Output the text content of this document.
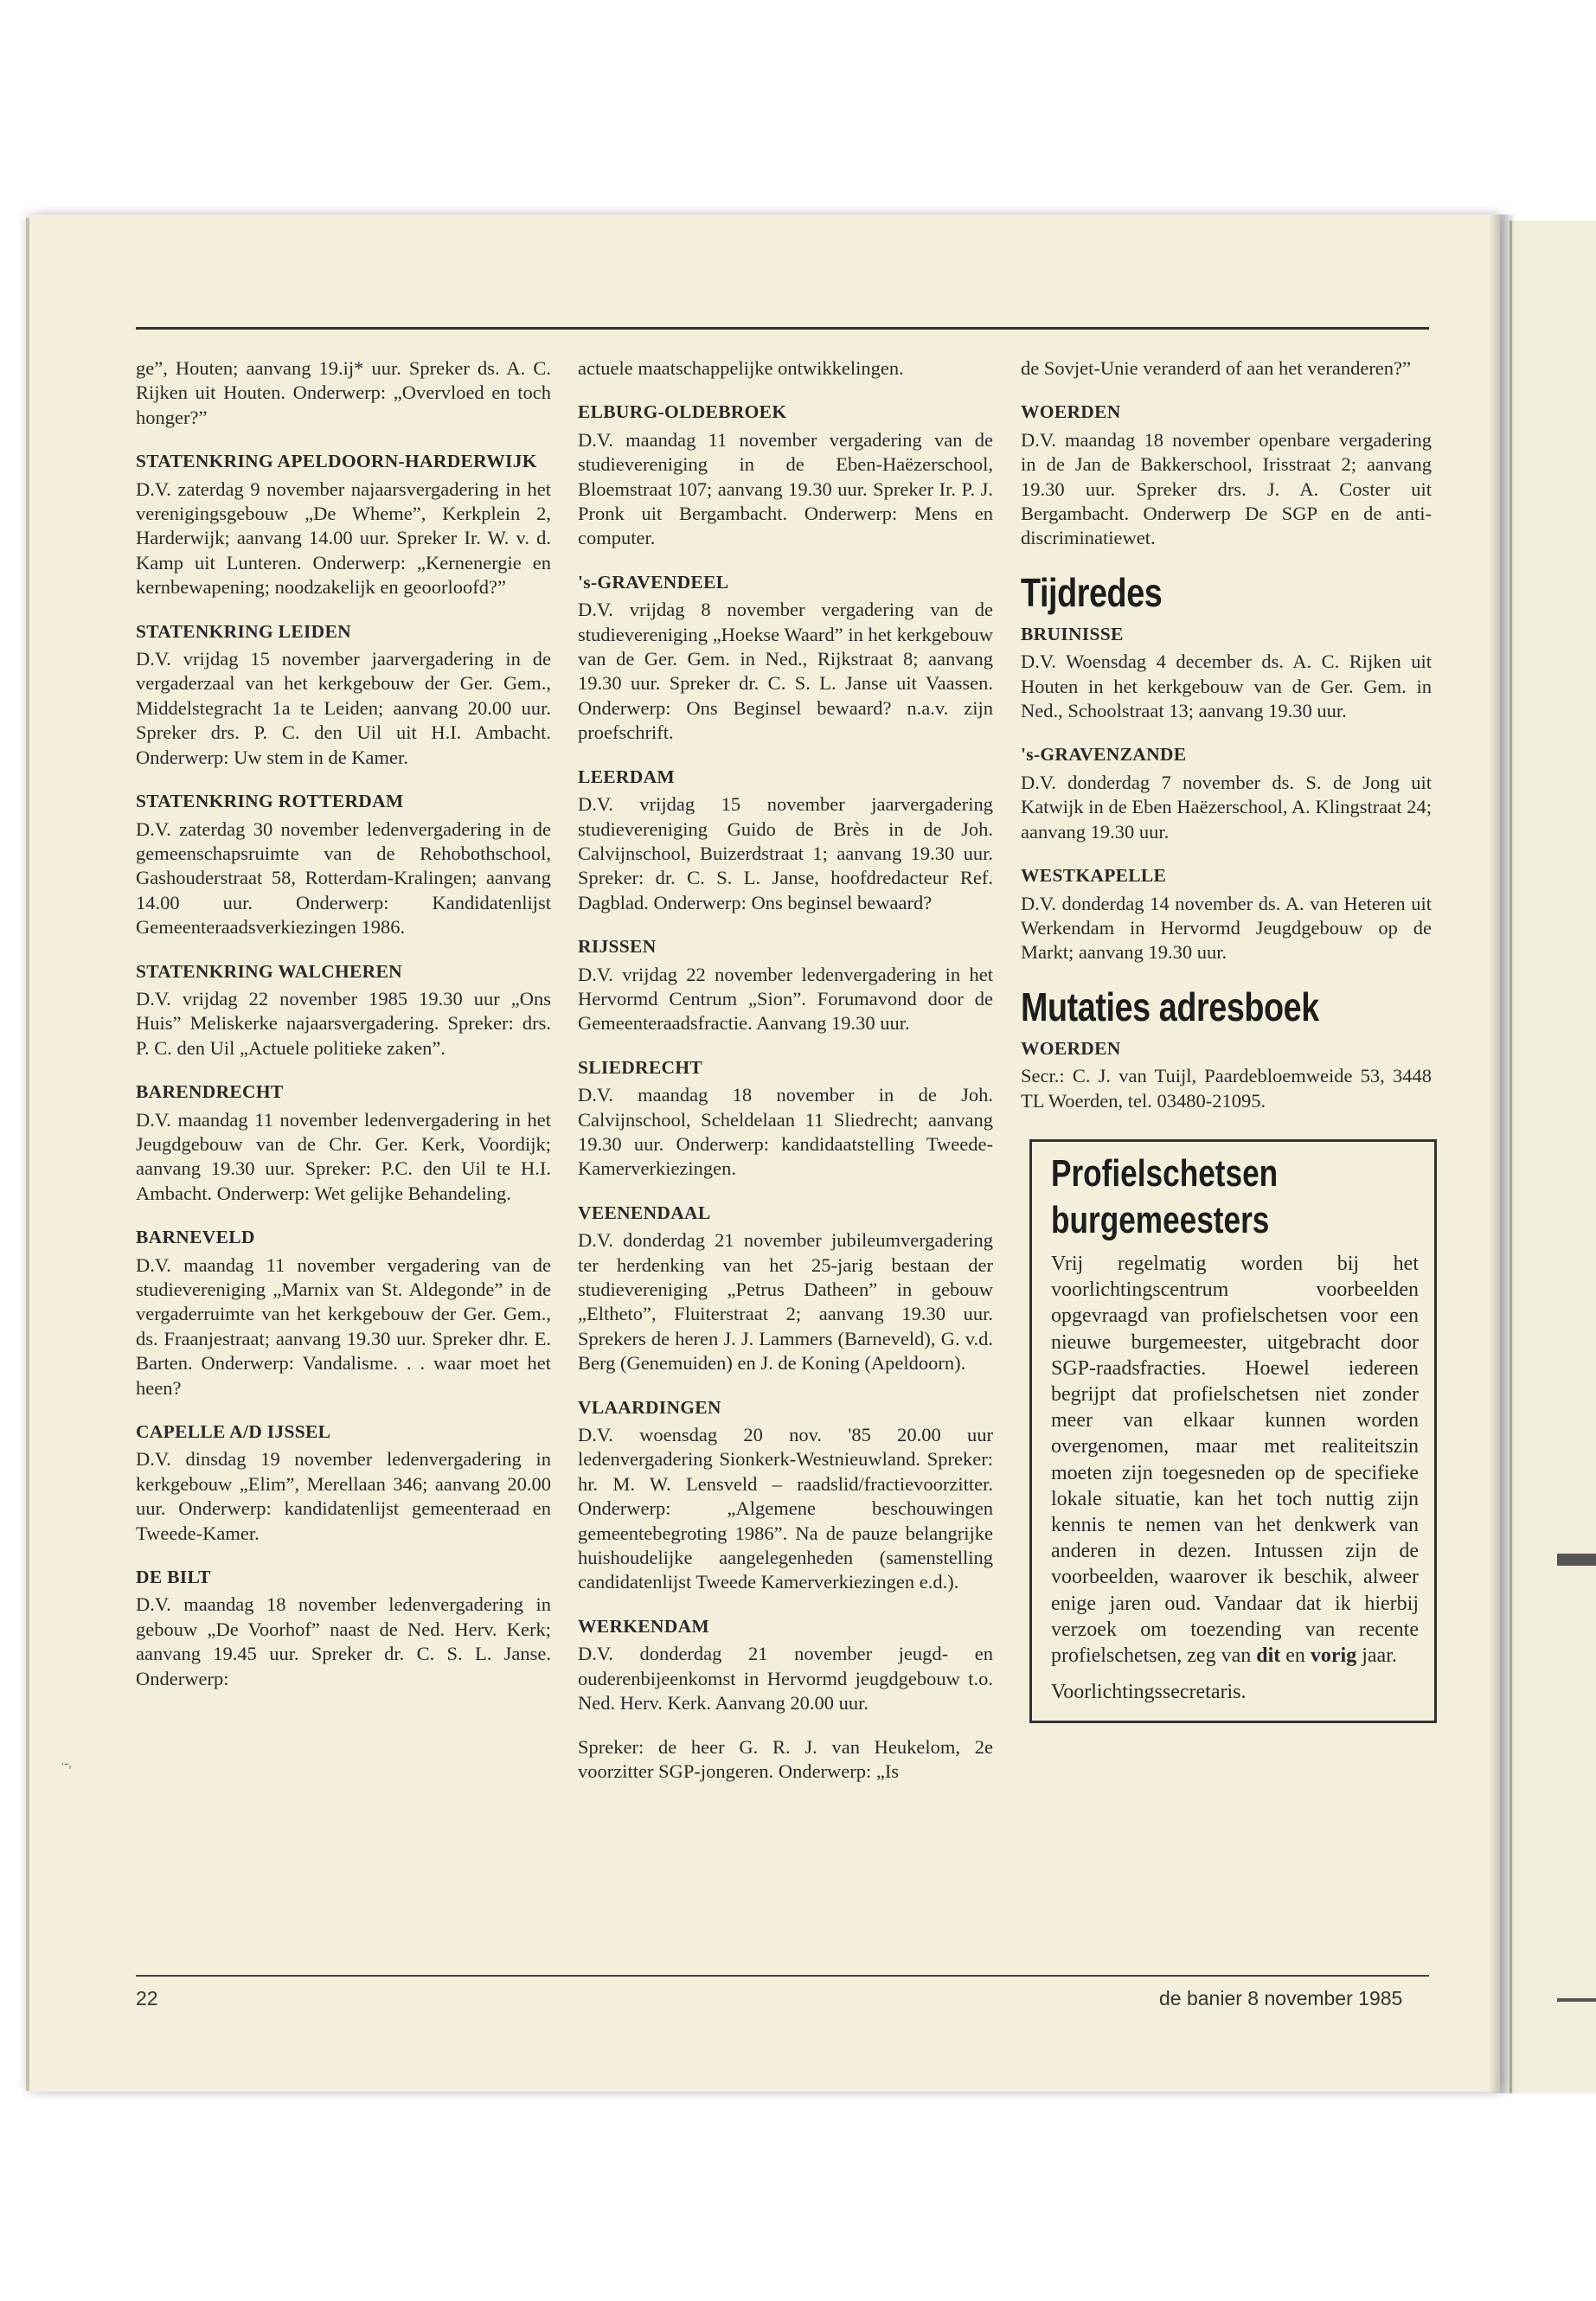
·-‚
ge”, Houten; aanvang 19.ij* uur. Spreker ds. A. C. Rijken uit Houten. Onderwerp: „Overvloed en toch honger?”
STATENKRING APELDOORN-HARDERWIJK
D.V. zaterdag 9 november najaarsvergadering in het verenigingsgebouw „De Wheme”, Kerkplein 2, Harderwijk; aanvang 14.00 uur. Spreker Ir. W. v. d. Kamp uit Lunteren. Onderwerp: „Kernenergie en kernbewapening; noodzakelijk en geoorloofd?”
STATENKRING LEIDEN
D.V. vrijdag 15 november jaarvergadering in de vergaderzaal van het kerkgebouw der Ger. Gem., Middelstegracht 1a te Leiden; aanvang 20.00 uur. Spreker drs. P. C. den Uil uit H.I. Ambacht. Onderwerp: Uw stem in de Kamer.
STATENKRING ROTTERDAM
D.V. zaterdag 30 november ledenvergadering in de gemeenschapsruimte van de Rehobothschool, Gashouderstraat 58, Rotterdam-Kralingen; aanvang 14.00 uur. Onderwerp: Kandidatenlijst Gemeenteraadsverkiezingen 1986.
STATENKRING WALCHEREN
D.V. vrijdag 22 november 1985 19.30 uur „Ons Huis” Meliskerke najaarsvergadering. Spreker: drs. P. C. den Uil „Actuele politieke zaken”.
BARENDRECHT
D.V. maandag 11 november ledenvergadering in het Jeugdgebouw van de Chr. Ger. Kerk, Voordijk; aanvang 19.30 uur. Spreker: P.C. den Uil te H.I. Ambacht. Onderwerp: Wet gelijke Behandeling.
BARNEVELD
D.V. maandag 11 november vergadering van de studievereniging „Marnix van St. Aldegonde” in de vergaderruimte van het kerkgebouw der Ger. Gem., ds. Fraanjestraat; aanvang 19.30 uur. Spreker dhr. E. Barten. Onderwerp: Vandalisme. . . waar moet het heen?
CAPELLE A/D IJSSEL
D.V. dinsdag 19 november ledenvergadering in kerkgebouw „Elim”, Merellaan 346; aanvang 20.00 uur. Onderwerp: kandidatenlijst gemeenteraad en Tweede-Kamer.
DE BILT
D.V. maandag 18 november ledenvergadering in gebouw „De Voorhof” naast de Ned. Herv. Kerk; aanvang 19.45 uur. Spreker dr. C. S. L. Janse. Onderwerp:
actuele maatschappelijke ontwikkelingen.
ELBURG-OLDEBROEK
D.V. maandag 11 november vergadering van de studievereniging in de Eben-Haëzerschool, Bloemstraat 107; aanvang 19.30 uur. Spreker Ir. P. J. Pronk uit Bergambacht. Onderwerp: Mens en computer.
's-GRAVENDEEL
D.V. vrijdag 8 november vergadering van de studievereniging „Hoekse Waard” in het kerkgebouw van de Ger. Gem. in Ned., Rijkstraat 8; aanvang 19.30 uur. Spreker dr. C. S. L. Janse uit Vaassen. Onderwerp: Ons Beginsel bewaard? n.a.v. zijn proefschrift.
LEERDAM
D.V. vrijdag 15 november jaarvergadering studievereniging Guido de Brès in de Joh. Calvijnschool, Buizerdstraat 1; aanvang 19.30 uur. Spreker: dr. C. S. L. Janse, hoofdredacteur Ref. Dagblad. Onderwerp: Ons beginsel bewaard?
RIJSSEN
D.V. vrijdag 22 november ledenvergadering in het Hervormd Centrum „Sion”. Forumavond door de Gemeenteraadsfractie. Aanvang 19.30 uur.
SLIEDRECHT
D.V. maandag 18 november in de Joh. Calvijnschool, Scheldelaan 11 Sliedrecht; aanvang 19.30 uur. Onderwerp: kandidaatstelling Tweede-Kamerverkiezingen.
VEENENDAAL
D.V. donderdag 21 november jubileumvergadering ter herdenking van het 25-jarig bestaan der studievereniging „Petrus Datheen” in gebouw „Eltheto”, Fluiterstraat 2; aanvang 19.30 uur. Sprekers de heren J. J. Lammers (Barneveld), G. v.d. Berg (Genemuiden) en J. de Koning (Apeldoorn).
VLAARDINGEN
D.V. woensdag 20 nov. '85 20.00 uur ledenvergadering Sionkerk-Westnieuwland. Spreker: hr. M. W. Lensveld – raadslid/fractievoorzitter. Onderwerp: „Algemene beschouwingen gemeentebegroting 1986”. Na de pauze belangrijke huishoudelijke aangelegenheden (samenstelling candidatenlijst Tweede Kamerverkiezingen e.d.).
WERKENDAM
D.V. donderdag 21 november jeugd- en ouderenbijeenkomst in Hervormd jeugdgebouw t.o. Ned. Herv. Kerk. Aanvang 20.00 uur.
Spreker: de heer G. R. J. van Heukelom, 2e voorzitter SGP-jongeren. Onderwerp: „Is
de Sovjet-Unie veranderd of aan het veranderen?”
WOERDEN
D.V. maandag 18 november openbare vergadering in de Jan de Bakkerschool, Irisstraat 2; aanvang 19.30 uur. Spreker drs. J. A. Coster uit Bergambacht. Onderwerp De SGP en de anti-discriminatiewet.
Tijdredes
BRUINISSE
D.V. Woensdag 4 december ds. A. C. Rijken uit Houten in het kerkgebouw van de Ger. Gem. in Ned., Schoolstraat 13; aanvang 19.30 uur.
's-GRAVENZANDE
D.V. donderdag 7 november ds. S. de Jong uit Katwijk in de Eben Haëzerschool, A. Klingstraat 24; aanvang 19.30 uur.
WESTKAPELLE
D.V. donderdag 14 november ds. A. van Heteren uit Werkendam in Hervormd Jeugdgebouw op de Markt; aanvang 19.30 uur.
Mutaties adresboek
WOERDEN
Secr.: C. J. van Tuijl, Paardebloemweide 53, 3448 TL Woerden, tel. 03480-21095.
Profielschetsen
burgemeesters
Vrij regelmatig worden bij het voorlichtingscentrum voorbeelden opgevraagd van profielschetsen voor een nieuwe burgemeester, uitgebracht door SGP-raadsfracties. Hoewel iedereen begrijpt dat profielschetsen niet zonder meer van elkaar kunnen worden overgenomen, maar met realiteitszin moeten zijn toegesneden op de specifieke lokale situatie, kan het toch nuttig zijn kennis te nemen van het denkwerk van anderen in dezen. Intussen zijn de voorbeelden, waarover ik beschik, alweer enige jaren oud. Vandaar dat ik hierbij verzoek om toezending van recente profielschetsen, zeg van dit en vorig jaar.
Voorlichtingssecretaris.
22	de banier 8 november 1985
